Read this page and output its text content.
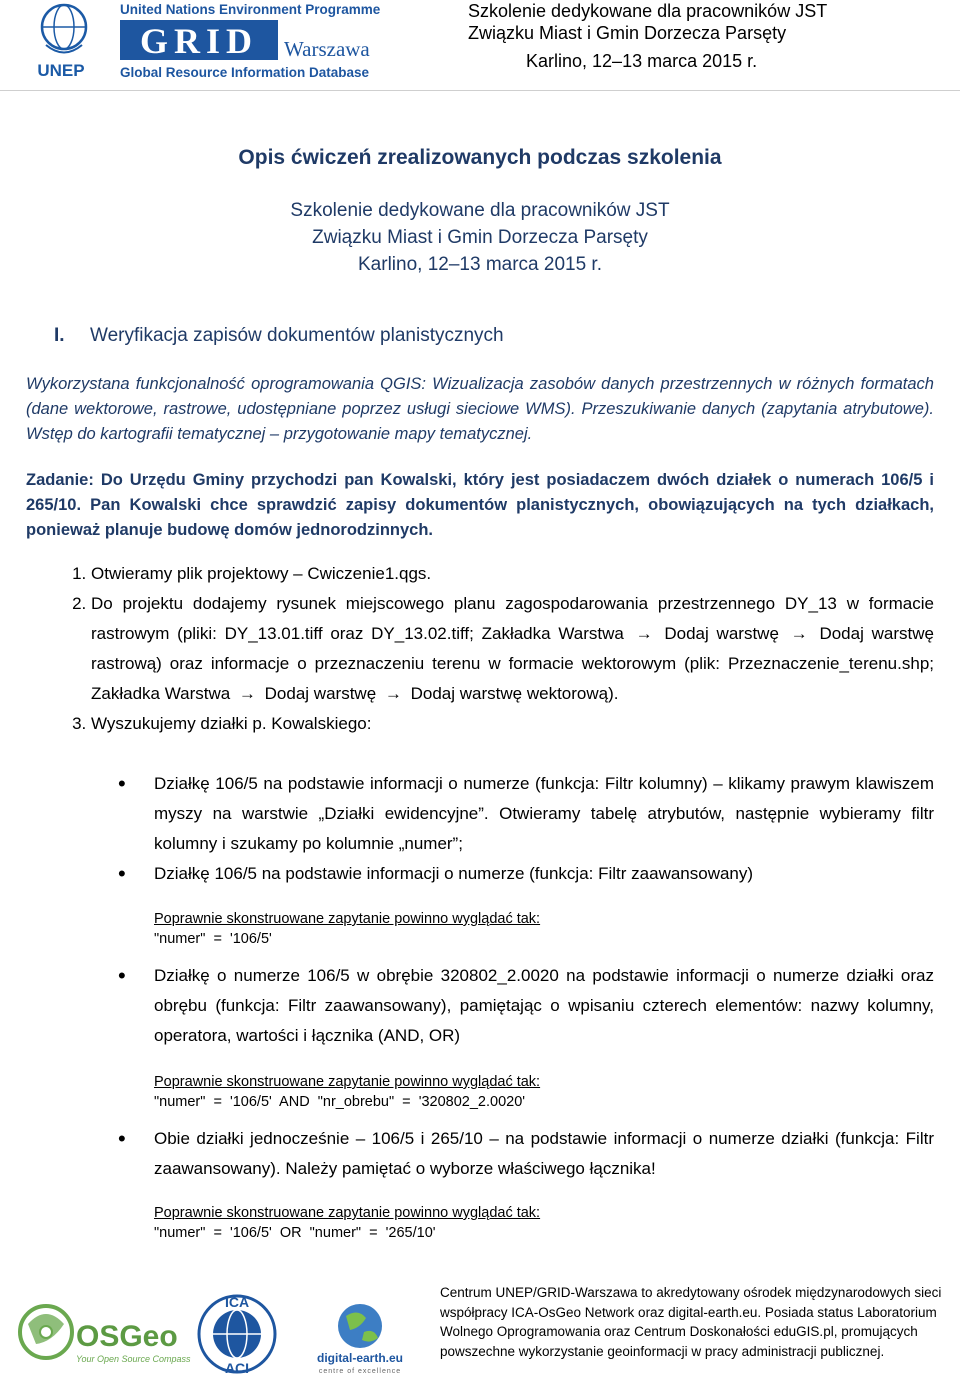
UNEP
United Nations Environment Programme
GRID Warszawa
Global Resource Information Database
Szkolenie dedykowane dla pracowników JST
Związku Miast i Gmin Dorzecza Parsęty
Karlino, 12–13 marca 2015 r.
Opis ćwiczeń zrealizowanych podczas szkolenia
Szkolenie dedykowane dla pracowników JST
Związku Miast i Gmin Dorzecza Parsęty
Karlino, 12–13 marca 2015 r.
I. Weryfikacja zapisów dokumentów planistycznych
Wykorzystana funkcjonalność oprogramowania QGIS: Wizualizacja zasobów danych przestrzennych w różnych formatach (dane wektorowe, rastrowe, udostępniane poprzez usługi sieciowe WMS). Przeszukiwanie danych (zapytania atrybutowe). Wstęp do kartografii tematycznej – przygotowanie mapy tematycznej.
Zadanie: Do Urzędu Gminy przychodzi pan Kowalski, który jest posiadaczem dwóch działek o numerach 106/5 i 265/10. Pan Kowalski chce sprawdzić zapisy dokumentów planistycznych, obowiązujących na tych działkach, ponieważ planuje budowę domów jednorodzinnych.
1. Otwieramy plik projektowy – Cwiczenie1.qgs.
2. Do projektu dodajemy rysunek miejscowego planu zagospodarowania przestrzennego DY_13 w formacie rastrowym (pliki: DY_13.01.tiff oraz DY_13.02.tiff; Zakładka Warstwa → Dodaj warstwę → Dodaj warstwę rastrową) oraz informacje o przeznaczeniu terenu w formacie wektorowym (plik: Przeznaczenie_terenu.shp; Zakładka Warstwa → Dodaj warstwę → Dodaj warstwę wektorową).
3. Wyszukujemy działki p. Kowalskiego:
• Działkę 106/5 na podstawie informacji o numerze (funkcja: Filtr kolumny) – klikamy prawym klawiszem myszy na warstwie „Działki ewidencyjne”. Otwieramy tabelę atrybutów, następnie wybieramy filtr kolumny i szukamy po kolumnie „numer”;
• Działkę 106/5 na podstawie informacji o numerze (funkcja: Filtr zaawansowany)
Poprawnie skonstruowane zapytanie powinno wyglądać tak:
"numer"  =  '106/5'
• Działkę o numerze 106/5 w obrębie 320802_2.0020 na podstawie informacji o numerze działki oraz obrębu (funkcja: Filtr zaawansowany), pamiętając o wpisaniu czterech elementów: nazwy kolumny, operatora, wartości i łącznika (AND, OR)
Poprawnie skonstruowane zapytanie powinno wyglądać tak:
"numer"  =  '106/5'  AND  "nr_obrebu"  =  '320802_2.0020'
• Obie działki jednocześnie – 106/5 i 265/10 – na podstawie informacji o numerze działki (funkcja: Filtr zaawansowany). Należy pamiętać o wyborze właściwego łącznika!
Poprawnie skonstruowane zapytanie powinno wyglądać tak:
"numer"  =  '106/5'  OR  "numer"  =  '265/10'
OSGeo
Your Open Source Compass
ICA
ACI
digital-earth.eu
centre of excellence
Centrum UNEP/GRID-Warszawa to akredytowany ośrodek międzynarodowych sieci współpracy ICA-OsGeo Network oraz digital-earth.eu. Posiada status Laboratorium Wolnego Oprogramowania oraz Centrum Doskonałości eduGIS.pl, promujących powszechne wykorzystanie geoinformacji w pracy administracji publicznej.
